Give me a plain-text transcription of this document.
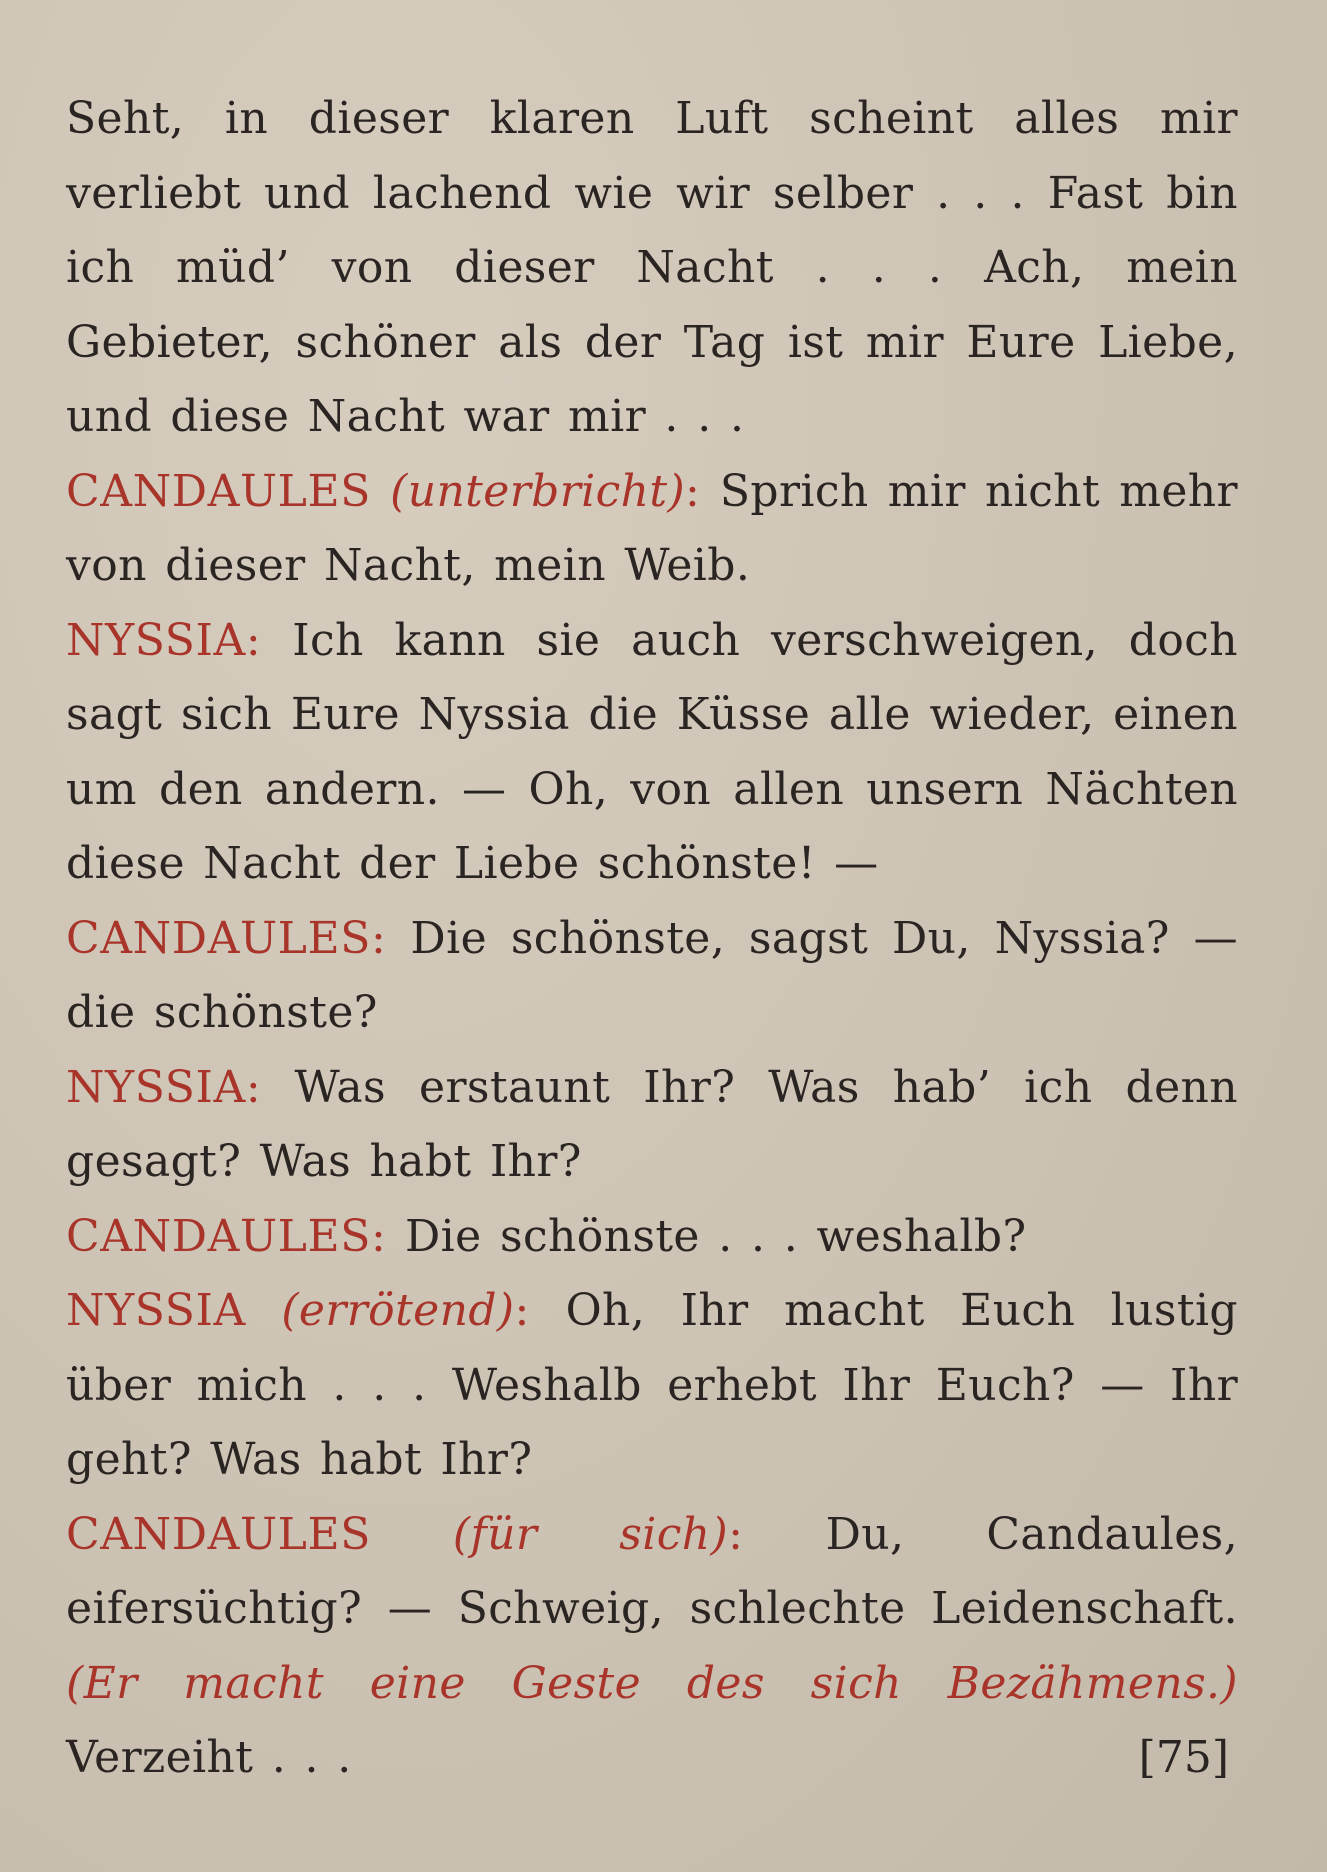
Seht, in dieser klaren Luft scheint alles mir verliebt und lachend wie wir selber . . . Fast bin ich müd’ von dieser Nacht . . . Ach, mein Gebieter, schöner als der Tag ist mir Eure Liebe, und diese Nacht war mir . . .

CANDAULES (unterbricht): Sprich mir nicht mehr von dieser Nacht, mein Weib.

NYSSIA: Ich kann sie auch verschweigen, doch sagt sich Eure Nyssia die Küsse alle wieder, einen um den andern. — Oh, von allen unsern Nächten diese Nacht der Liebe schönste! —

CANDAULES: Die schönste, sagst Du, Nyssia? — die schönste?

NYSSIA: Was erstaunt Ihr? Was hab’ ich denn gesagt? Was habt Ihr?

CANDAULES: Die schönste . . . weshalb?

NYSSIA (errötend): Oh, Ihr macht Euch lustig über mich . . . Weshalb erhebt Ihr Euch? — Ihr geht? Was habt Ihr?

CANDAULES (für sich): Du, Candaules, eifersüchtig? — Schweig, schlechte Leidenschaft. (Er macht eine Geste des sich Bezähmens.) Verzeiht . . .	[75]
